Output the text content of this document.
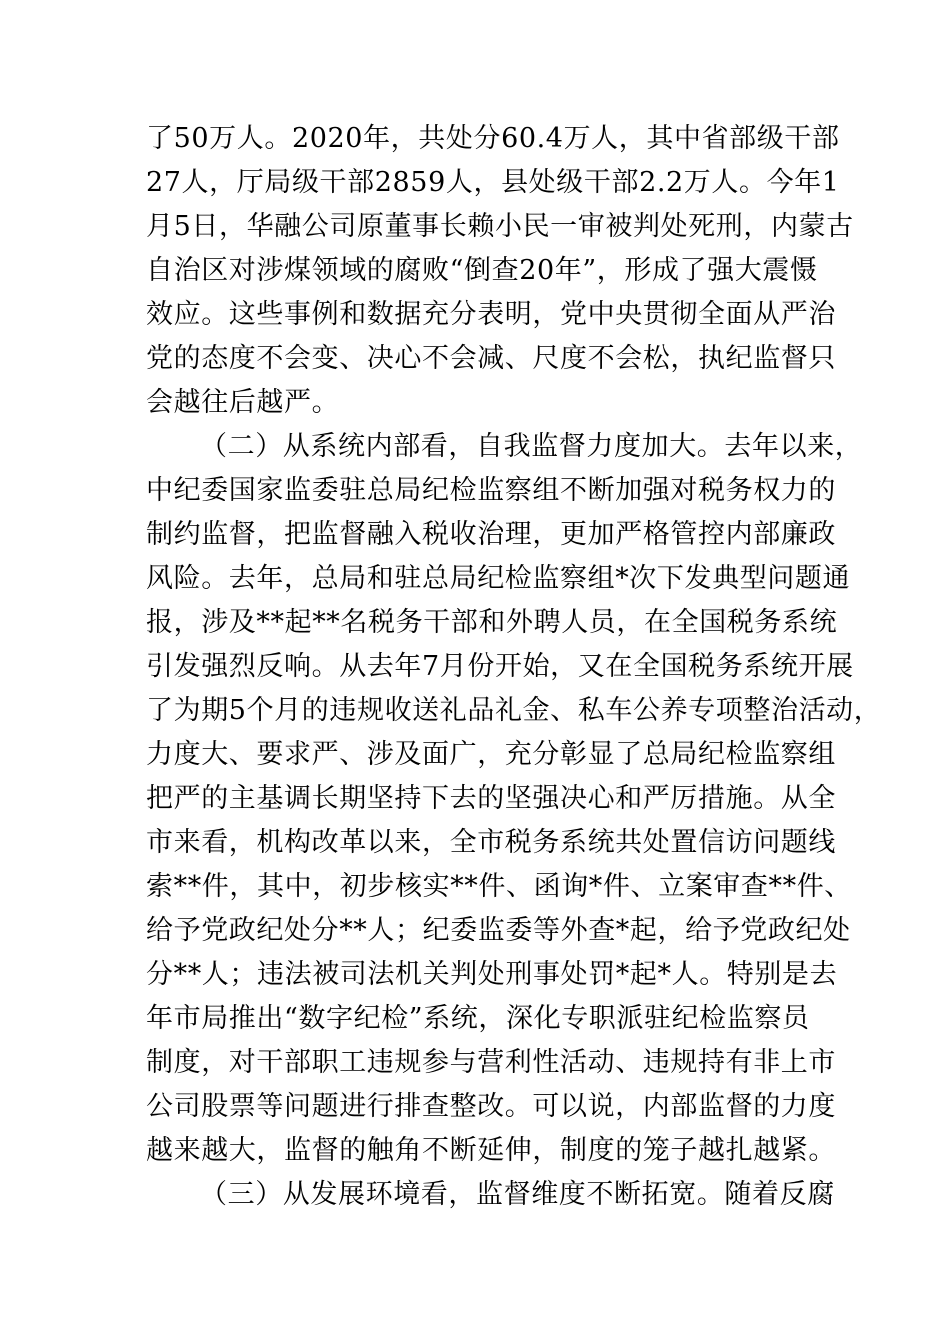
了50万人。2020年，共处分60.4万人，其中省部级干部
27人，厅局级干部2859人，县处级干部2.2万人。今年1
月5日，华融公司原董事长赖小民一审被判处死刑，内蒙古
自治区对涉煤领域的腐败“倒查20年”，形成了强大震慑
效应。这些事例和数据充分表明，党中央贯彻全面从严治
党的态度不会变、决心不会减、尺度不会松，执纪监督只
会越往后越严。
（二）从系统内部看，自我监督力度加大。去年以来，
中纪委国家监委驻总局纪检监察组不断加强对税务权力的
制约监督，把监督融入税收治理，更加严格管控内部廉政
风险。去年，总局和驻总局纪检监察组*次下发典型问题通
报，涉及**起**名税务干部和外聘人员，在全国税务系统
引发强烈反响。从去年7月份开始，又在全国税务系统开展
了为期5个月的违规收送礼品礼金、私车公养专项整治活动，
力度大、要求严、涉及面广，充分彰显了总局纪检监察组
把严的主基调长期坚持下去的坚强决心和严厉措施。从全
市来看，机构改革以来，全市税务系统共处置信访问题线
索**件，其中，初步核实**件、函询*件、立案审查**件、
给予党政纪处分**人；纪委监委等外查*起，给予党政纪处
分**人；违法被司法机关判处刑事处罚*起*人。特别是去
年市局推出“数字纪检”系统，深化专职派驻纪检监察员
制度，对干部职工违规参与营利性活动、违规持有非上市
公司股票等问题进行排查整改。可以说，内部监督的力度
越来越大，监督的触角不断延伸，制度的笼子越扎越紧。
（三）从发展环境看，监督维度不断拓宽。随着反腐
